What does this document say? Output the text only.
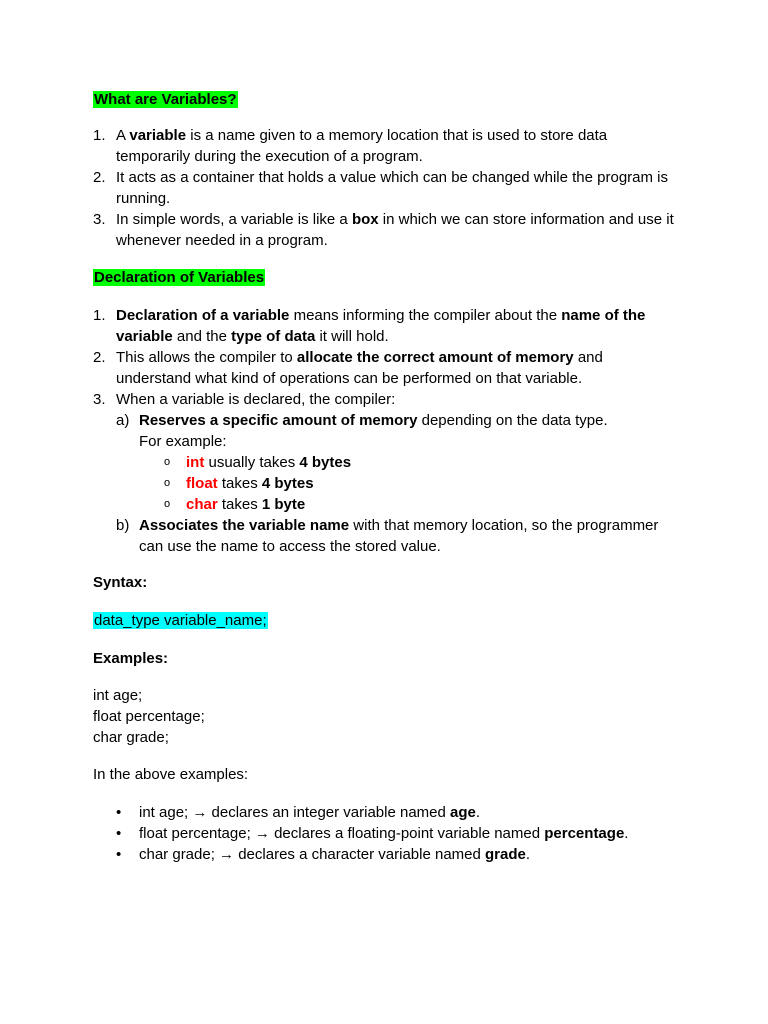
What are Variables?
1. A variable is a name given to a memory location that is used to store data temporarily during the execution of a program.
2. It acts as a container that holds a value which can be changed while the program is running.
3. In simple words, a variable is like a box in which we can store information and use it whenever needed in a program.
Declaration of Variables
1. Declaration of a variable means informing the compiler about the name of the variable and the type of data it will hold.
2. This allows the compiler to allocate the correct amount of memory and understand what kind of operations can be performed on that variable.
3. When a variable is declared, the compiler:
a) Reserves a specific amount of memory depending on the data type.
For example:
o int usually takes 4 bytes
o float takes 4 bytes
o char takes 1 byte
b) Associates the variable name with that memory location, so the programmer can use the name to access the stored value.

Syntax:

data_type variable_name;

Examples:

int age;

float percentage;

char grade;

In the above examples:

• int age; → declares an integer variable named age.
• float percentage; → declares a floating-point variable named percentage.
• char grade; → declares a character variable named grade.
